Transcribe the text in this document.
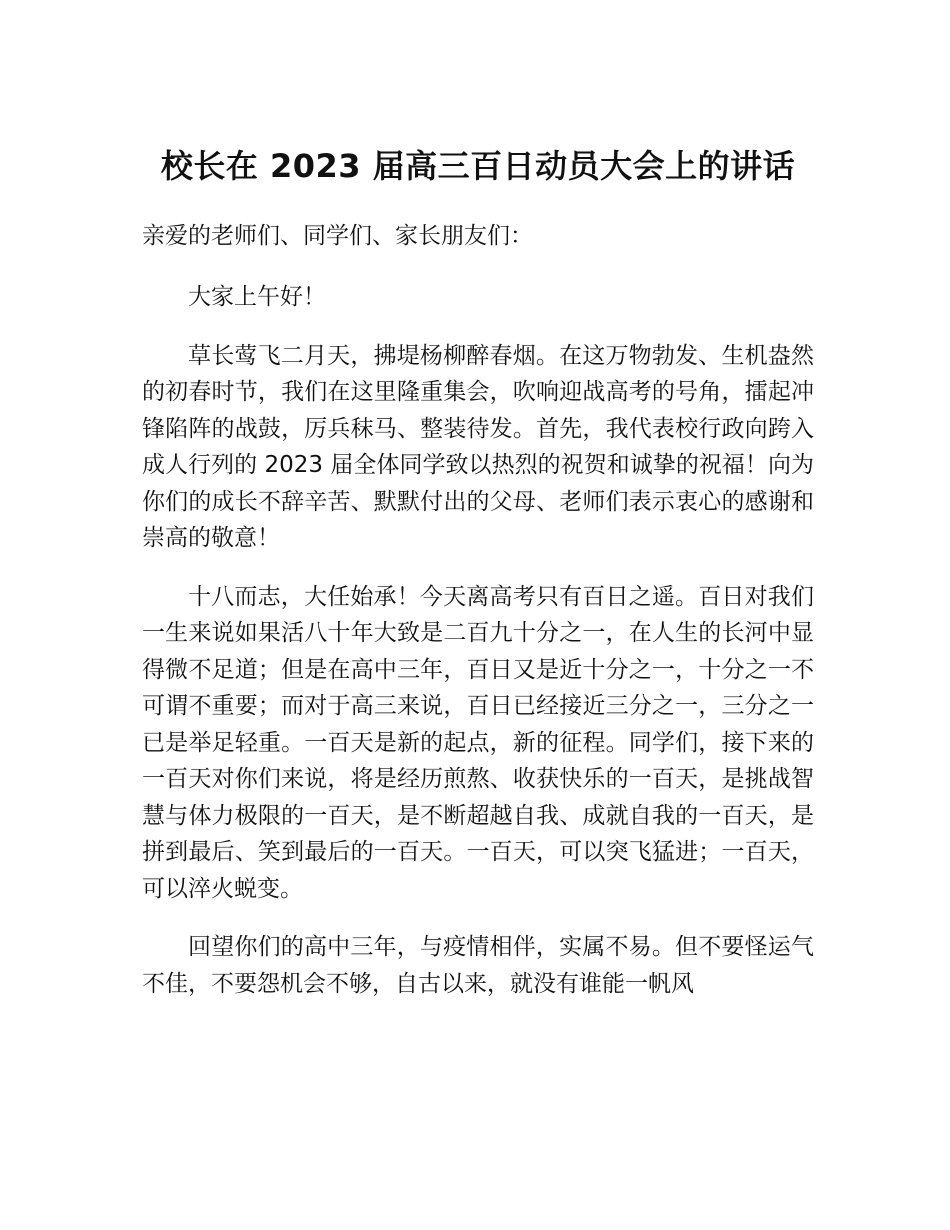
校长在 2023 届高三百日动员大会上的讲话

亲爱的老师们、同学们、家长朋友们：

大家上午好！

草长莺飞二月天，拂堤杨柳醉春烟。在这万物勃发、生机盎然的初春时节，我们在这里隆重集会，吹响迎战高考的号角，擂起冲锋陷阵的战鼓，厉兵秣马、整装待发。首先，我代表校行政向跨入成人行列的 2023 届全体同学致以热烈的祝贺和诚挚的祝福！向为你们的成长不辞辛苦、默默付出的父母、老师们表示衷心的感谢和崇高的敬意！

十八而志，大任始承！今天离高考只有百日之遥。百日对我们一生来说如果活八十年大致是二百九十分之一，在人生的长河中显得微不足道；但是在高中三年，百日又是近十分之一，十分之一不可谓不重要；而对于高三来说，百日已经接近三分之一，三分之一已是举足轻重。一百天是新的起点，新的征程。同学们，接下来的一百天对你们来说，将是经历煎熬、收获快乐的一百天，是挑战智慧与体力极限的一百天，是不断超越自我、成就自我的一百天，是拼到最后、笑到最后的一百天。一百天，可以突飞猛进；一百天，可以淬火蜕变。

回望你们的高中三年，与疫情相伴，实属不易。但不要怪运气不佳，不要怨机会不够，自古以来，就没有谁能一帆风
